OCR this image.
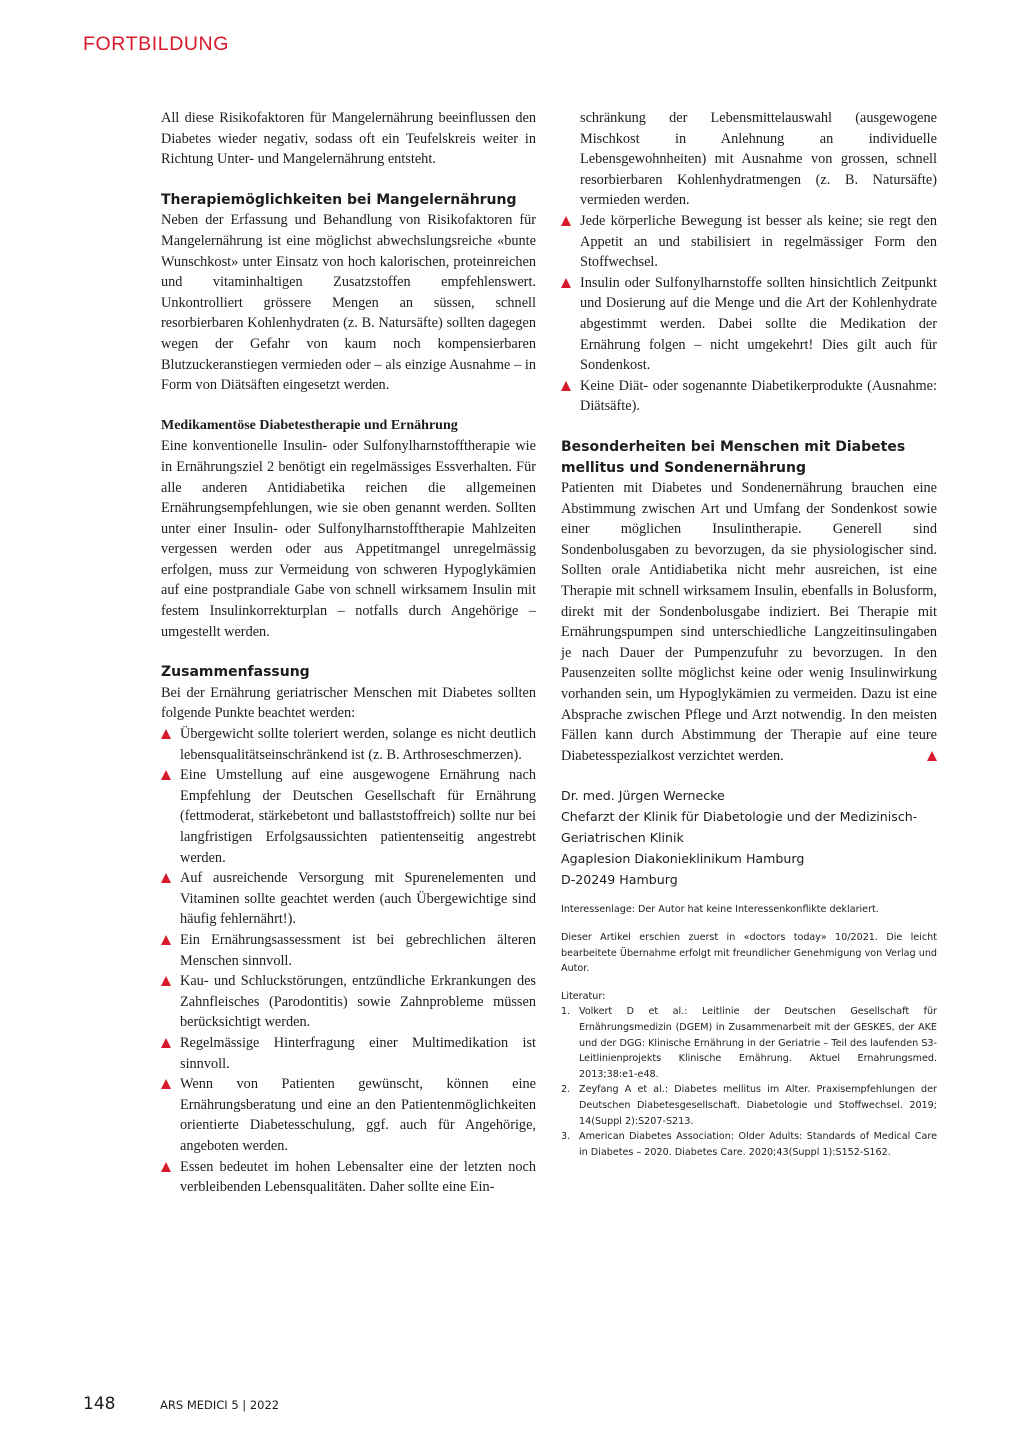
FORTBILDUNG

All diese Risikofaktoren für Mangelernährung beeinflussen den Diabetes wieder negativ, sodass oft ein Teufelskreis weiter in Richtung Unter- und Mangelernährung entsteht.

Therapiemöglichkeiten bei Mangelernährung

Neben der Erfassung und Behandlung von Risikofaktoren für Mangelernährung ist eine möglichst abwechslungsreiche «bunte Wunschkost» unter Einsatz von hoch kalorischen, proteinreichen und vitaminhaltigen Zusatzstoffen empfehlenswert. Unkontrolliert grössere Mengen an süssen, schnell resorbierbaren Kohlenhydraten (z. B. Natursäfte) sollten dagegen wegen der Gefahr von kaum noch kompensierbaren Blutzuckeranstiegen vermieden oder – als einzige Ausnahme – in Form von Diätsäften eingesetzt werden.

Medikamentöse Diabetestherapie und Ernährung

Eine konventionelle Insulin- oder Sulfonylharnstofftherapie wie in Ernährungsziel 2 benötigt ein regelmässiges Essverhalten. Für alle anderen Antidiabetika reichen die allgemeinen Ernährungsempfehlungen, wie sie oben genannt werden. Sollten unter einer Insulin- oder Sulfonylharnstofftherapie Mahlzeiten vergessen werden oder aus Appetitmangel unregelmässig erfolgen, muss zur Vermeidung von schweren Hypoglykämien auf eine postprandiale Gabe von schnell wirksamem Insulin mit festem Insulinkorrekturplan – notfalls durch Angehörige – umgestellt werden.

Zusammenfassung

Bei der Ernährung geriatrischer Menschen mit Diabetes sollten folgende Punkte beachtet werden:

Übergewicht sollte toleriert werden, solange es nicht deutlich lebensqualitätseinschränkend ist (z. B. Arthroseschmerzen).
Eine Umstellung auf eine ausgewogene Ernährung nach Empfehlung der Deutschen Gesellschaft für Ernährung (fettmoderat, stärkebetont und ballaststoffreich) sollte nur bei langfristigen Erfolgsaussichten patientenseitig angestrebt werden.
Auf ausreichende Versorgung mit Spurenelementen und Vitaminen sollte geachtet werden (auch Übergewichtige sind häufig fehlernährt!).
Ein Ernährungsassessment ist bei gebrechlichen älteren Menschen sinnvoll.
Kau- und Schluckstörungen, entzündliche Erkrankungen des Zahnfleisches (Parodontitis) sowie Zahnprobleme müssen berücksichtigt werden.
Regelmässige Hinterfragung einer Multimedikation ist sinnvoll.
Wenn von Patienten gewünscht, können eine Ernährungsberatung und eine an den Patientenmöglichkeiten orientierte Diabetesschulung, ggf. auch für Angehörige, angeboten werden.
Essen bedeutet im hohen Lebensalter eine der letzten noch verbleibenden Lebensqualitäten. Daher sollte eine Ein-

schränkung der Lebensmittelauswahl (ausgewogene Mischkost in Anlehnung an individuelle Lebensgewohnheiten) mit Ausnahme von grossen, schnell resorbierbaren Kohlenhydratmengen (z. B. Natursäfte) vermieden werden.

Jede körperliche Bewegung ist besser als keine; sie regt den Appetit an und stabilisiert in regelmässiger Form den Stoffwechsel.
Insulin oder Sulfonylharnstoffe sollten hinsichtlich Zeitpunkt und Dosierung auf die Menge und die Art der Kohlenhydrate abgestimmt werden. Dabei sollte die Medikation der Ernährung folgen – nicht umgekehrt! Dies gilt auch für Sondenkost.
Keine Diät- oder sogenannte Diabetikerprodukte (Ausnahme: Diätsäfte).
Besonderheiten bei Menschen mit Diabetes mellitus und Sondenernährung

Patienten mit Diabetes und Sondenernährung brauchen eine Abstimmung zwischen Art und Umfang der Sondenkost sowie einer möglichen Insulintherapie. Generell sind Sondenbolusgaben zu bevorzugen, da sie physiologischer sind. Sollten orale Antidiabetika nicht mehr ausreichen, ist eine Therapie mit schnell wirksamem Insulin, ebenfalls in Bolusform, direkt mit der Sondenbolusgabe indiziert. Bei Therapie mit Ernährungspumpen sind unterschiedliche Langzeitinsulingaben je nach Dauer der Pumpenzufuhr zu bevorzugen. In den Pausenzeiten sollte möglichst keine oder wenig Insulinwirkung vorhanden sein, um Hypoglykämien zu vermeiden. Dazu ist eine Absprache zwischen Pflege und Arzt notwendig. In den meisten Fällen kann durch Abstimmung der Therapie auf eine teure Diabetesspezialkost verzichtet werden.

Dr. med. Jürgen Wernecke

Chefarzt der Klinik für Diabetologie und der Medizinisch-Geriatrischen Klinik

Agaplesion Diakonieklinikum Hamburg

D-20249 Hamburg

Interessenlage: Der Autor hat keine Interessenkonflikte deklariert.

Dieser Artikel erschien zuerst in «doctors today» 10/2021. Die leicht bearbeitete Übernahme erfolgt mit freundlicher Genehmigung von Verlag und Autor.

Literatur:

1. Volkert D et al.: Leitlinie der Deutschen Gesellschaft für Ernährungsmedizin (DGEM) in Zusammenarbeit mit der GESKES, der AKE und der DGG: Klinische Ernährung in der Geriatrie – Teil des laufenden S3-Leitlinienprojekts Klinische Ernährung. Aktuel Ernahrungsmed. 2013;38:e1-e48.
2. Zeyfang A et al.: Diabetes mellitus im Alter. Praxisempfehlungen der Deutschen Diabetesgesellschaft. Diabetologie und Stoffwechsel. 2019; 14(Suppl 2):S207-S213.
3. American Diabetes Association: Older Adults: Standards of Medical Care in Diabetes – 2020. Diabetes Care. 2020;43(Suppl 1):S152-S162.
148	ARS MEDICI 5 | 2022
